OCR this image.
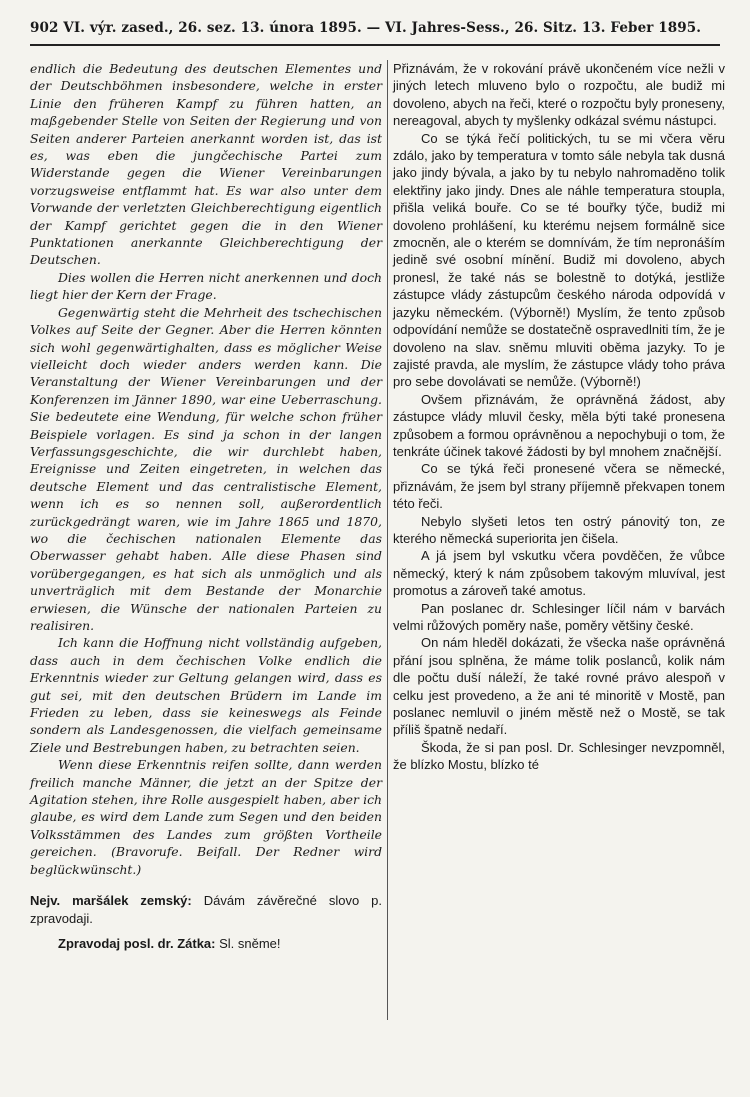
902 VI. výr. zased., 26. sez. 13. února 1895. — VI. Jahres-Sess., 26. Sitz. 13. Feber 1895.

endlich die Bedeutung des deutschen Elementes und der Deutschböhmen insbesondere, welche in erster Linie den früheren Kampf zu führen hatten, an maßgebender Stelle von Seiten der Regierung und von Seiten anderer Parteien anerkannt worden ist, das ist es, was eben die jungčechische Partei zum Widerstande gegen die Wiener Vereinbarungen vorzugsweise entflammt hat. Es war also unter dem Vorwande der verletzten Gleichberechtigung eigentlich der Kampf gerichtet gegen die in den Wiener Punktationen anerkannte Gleichberechtigung der Deutschen.

Dies wollen die Herren nicht anerkennen und doch liegt hier der Kern der Frage.

Gegenwärtig steht die Mehrheit des tschechischen Volkes auf Seite der Gegner. Aber die Herren könnten sich wohl gegenwärtighalten, dass es möglicher Weise vielleicht doch wieder anders werden kann. Die Veranstaltung der Wiener Vereinbarungen und der Konferenzen im Jänner 1890, war eine Ueberraschung. Sie bedeutete eine Wendung, für welche schon früher Beispiele vorlagen. Es sind ja schon in der langen Verfassungsgeschichte, die wir durchlebt haben, Ereignisse und Zeiten eingetreten, in welchen das deutsche Element und das centralistische Element, wenn ich es so nennen soll, außerordentlich zurückgedrängt waren, wie im Jahre 1865 und 1870, wo die čechischen nationalen Elemente das Oberwasser gehabt haben. Alle diese Phasen sind vorübergegangen, es hat sich als unmöglich und als unverträglich mit dem Bestande der Monarchie erwiesen, die Wünsche der nationalen Parteien zu realisiren.

Ich kann die Hoffnung nicht vollständig aufgeben, dass auch in dem čechischen Volke endlich die Erkenntnis wieder zur Geltung gelangen wird, dass es gut sei, mit den deutschen Brüdern im Lande im Frieden zu leben, dass sie keineswegs als Feinde sondern als Landesgenossen, die vielfach gemeinsame Ziele und Bestrebungen haben, zu betrachten seien.

Wenn diese Erkenntnis reifen sollte, dann werden freilich manche Männer, die jetzt an der Spitze der Agitation stehen, ihre Rolle ausgespielt haben, aber ich glaube, es wird dem Lande zum Segen und den beiden Volksstämmen des Landes zum größten Vortheile gereichen. (Bravorufe. Beifall. Der Redner wird beglückwünscht.)

Nejv. maršálek zemský: Dávám závěrečné slovo p. zpravodaji.

Zpravodaj posl. dr. Zátka: Sl. sněme!

Přiznávám, že v rokování právě ukončeném více nežli v jiných letech mluveno bylo o rozpočtu, ale budiž mi dovoleno, abych na řeči, které o rozpočtu byly proneseny, nereagoval, abych ty myšlenky odkázal svému nástupci.

Co se týká řečí politických, tu se mi včera věru zdálo, jako by temperatura v tomto sále nebyla tak dusná jako jindy bývala, a jako by tu nebylo nahromaděno tolik elektřiny jako jindy. Dnes ale náhle temperatura stoupla, přišla veliká bouře. Co se té bouřky týče, budiž mi dovoleno prohlášení, ku kterému nejsem formálně sice zmocněn, ale o kterém se domnívám, že tím nepronáším jedině své osobní mínění. Budiž mi dovoleno, abych pronesl, že také nás se bolestně to dotýká, jestliže zástupce vlády zástupcům českého národa odpovídá v jazyku německém. (Výborně!) Myslím, že tento způsob odpovídání nemůže se dostatečně ospravedlniti tím, že je dovoleno na slav. sněmu mluviti oběma jazyky. To je zajisté pravda, ale myslím, že zástupce vlády toho práva pro sebe dovolávati se nemůže. (Výborně!)

Ovšem přiznávám, že oprávněná žádost, aby zástupce vlády mluvil česky, měla býti také pronesena způsobem a formou oprávněnou a nepochybuji o tom, že tenkráte účinek takové žádosti by byl mnohem značnější.

Co se týká řeči pronesené včera se německé, přiznávám, že jsem byl strany příjemně překvapen tonem této řeči.

Nebylo slyšeti letos ten ostrý pánovitý ton, ze kterého německá superiorita jen čišela.

A já jsem byl vskutku včera povděčen, že vůbce německý, který k nám způsobem takovým mluvíval, jest promotus a zároveň také amotus.

Pan poslanec dr. Schlesinger líčil nám v barvách velmi růžových poměry naše, poměry většiny české.

On nám hleděl dokázati, že všecka naše oprávněná přání jsou splněna, že máme tolik poslanců, kolik nám dle počtu duší náleží, že také rovné právo alespoň v celku jest provedeno, a že ani té minoritě v Mostě, pan poslanec nemluvil o jiném městě než o Mostě, se tak příliš špatně nedaří.

Škoda, že si pan posl. Dr. Schlesinger nevzpomněl, že blízko Mostu, blízko té
